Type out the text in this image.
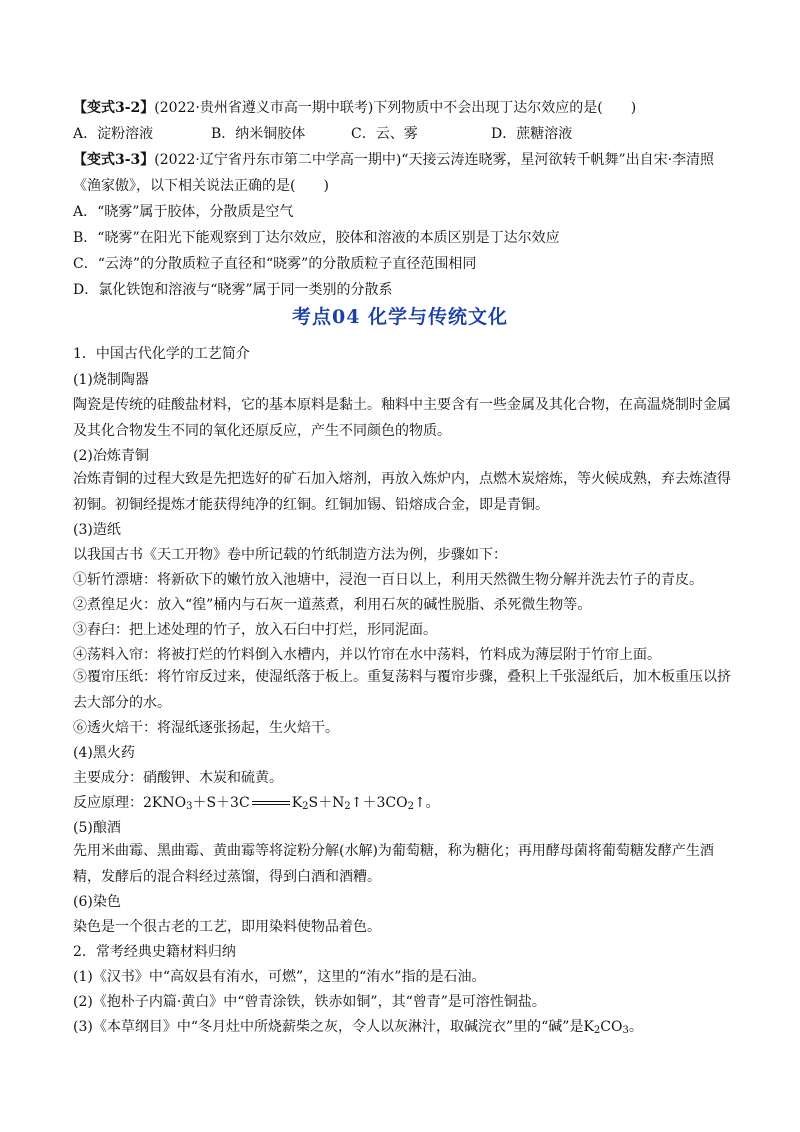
【变式3-2】(2022·贵州省遵义市高一期中联考)下列物质中不会出现丁达尔效应的是(　　)
A．淀粉溶液	B．纳米铜胶体	C．云、雾	D．蔗糖溶液
【变式3-3】(2022·辽宁省丹东市第二中学高一期中)“天接云涛连晓雾，星河欲转千帆舞”出自宋·李清照
《渔家傲》，以下相关说法正确的是(　　)
A．“晓雾”属于胶体，分散质是空气
B．“晓雾”在阳光下能观察到丁达尔效应，胶体和溶液的本质区别是丁达尔效应
C．“云涛”的分散质粒子直径和“晓雾”的分散质粒子直径范围相同
D．氯化铁饱和溶液与“晓雾”属于同一类别的分散系
考点04 化学与传统文化
1．中国古代化学的工艺简介
(1)烧制陶器
陶瓷是传统的硅酸盐材料，它的基本原料是黏土。釉料中主要含有一些金属及其化合物，在高温烧制时金属及其化合物发生不同的氧化还原反应，产生不同颜色的物质。
(2)冶炼青铜
冶炼青铜的过程大致是先把选好的矿石加入熔剂，再放入炼炉内，点燃木炭熔炼，等火候成熟，弃去炼渣得初铜。初铜经提炼才能获得纯净的红铜。红铜加锡、铅熔成合金，即是青铜。
(3)造纸
以我国古书《天工开物》卷中所记载的竹纸制造方法为例，步骤如下：
①斩竹漂塘：将新砍下的嫩竹放入池塘中，浸泡一百日以上，利用天然微生物分解并洗去竹子的青皮。
②煮徨足火：放入“徨”桶内与石灰一道蒸煮，利用石灰的碱性脱脂、杀死微生物等。
③舂臼：把上述处理的竹子，放入石臼中打烂，形同泥面。
④荡料入帘：将被打烂的竹料倒入水槽内，并以竹帘在水中荡料，竹料成为薄层附于竹帘上面。
⑤覆帘压纸：将竹帘反过来，使湿纸落于板上。重复荡料与覆帘步骤，叠积上千张湿纸后，加木板重压以挤去大部分的水。
⑥透火焙干：将湿纸逐张扬起，生火焙干。
(4)黑火药
主要成分：硝酸钾、木炭和硫黄。
反应原理：$2KNO_3+S+3C$	$K_2S+N_2↑+3CO_2↑$。
(5)酿酒
先用米曲霉、黑曲霉、黄曲霉等将淀粉分解(水解)为葡萄糖，称为糖化；再用酵母菌将葡萄糖发酵产生酒精，发酵后的混合料经过蒸馏，得到白酒和酒糟。
(6)染色
染色是一个很古老的工艺，即用染料使物品着色。
2．常考经典史籍材料归纳
(1)《汉书》中“高奴县有洧水，可燃”，这里的“洧水”指的是石油。
(2)《抱朴子内篇·黄白》中“曾青涂铁，铁赤如铜”，其“曾青”是可溶性铜盐。
(3)《本草纲目》中“冬月灶中所烧薪柴之灰，令人以灰淋汁，取碱浣衣”里的“碱”是$K_2CO_3$。
